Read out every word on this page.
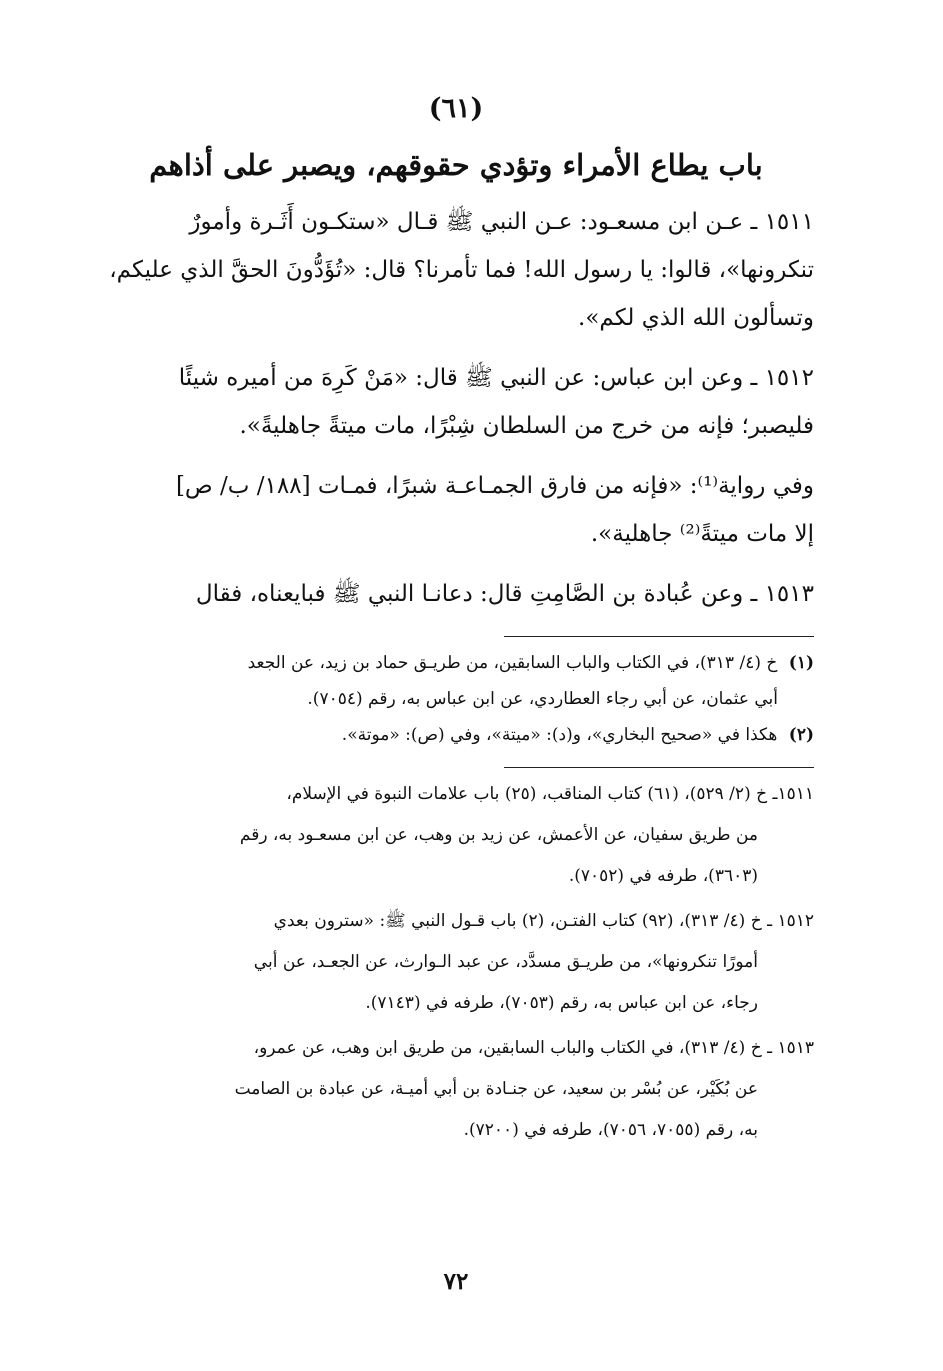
(٦١)
باب يطاع الأمراء وتؤدي حقوقهم، ويصبر على أذاهم

١٥١١ ـ عـن ابن مسعـود: عـن النبي ﷺ قـال «ستكـون أَثَـرة وأمورٌ

تنكرونها»، قالوا: يا رسول الله! فما تأمرنا؟ قال: «تُؤَدُّونَ الحقَّ الذي عليكم،

وتسألون الله الذي لكم».

١٥١٢ ـ وعن ابن عباس: عن النبي ﷺ قال: «مَنْ كَرِهَ من أميره شيئًا

فليصبر؛ فإنه من خرج من السلطان شِبْرًا، مات ميتةً جاهليةً».

وفي رواية⁽¹⁾: «فإنه من فارق الجمـاعـة شبرًا، فمـات [١٨٨/ ب/ ص]

إلا مات ميتةً⁽²⁾ جاهلية».

١٥١٣ ـ وعن عُبادة بن الصَّامِتِ قال: دعانـا النبي ﷺ فبايعناه، فقال

(١) خ (٤/ ٣١٣)، في الكتاب والباب السابقين، من طريـق حماد بن زيد، عن الجعد
أبي عثمان، عن أبي رجاء العطاردي، عن ابن عباس به، رقم (٧٠٥٤).
(٢) هكذا في «صحيح البخاري»، و(د): «ميتة»، وفي (ص): «موتة».
١٥١١ـ خ (٢/ ٥٢٩)، (٦١) كتاب المناقب، (٢٥) باب علامات النبوة في الإسلام،
من طريق سفيان، عن الأعمش، عن زيد بن وهب، عن ابن مسعـود به، رقم
(٣٦٠٣)، طرفه في (٧٠٥٢).
١٥١٢ ـ خ (٤/ ٣١٣)، (٩٢) كتاب الفتـن، (٢) باب قـول النبي ﷺ: «سترون بعدي
أمورًا تنكرونها»، من طريـق مسدَّد، عن عبد الـوارث، عن الجعـد، عن أبي
رجاء، عن ابن عباس به، رقم (٧٠٥٣)، طرفه في (٧١٤٣).
١٥١٣ ـ خ (٤/ ٣١٣)، في الكتاب والباب السابقين، من طريق ابن وهب، عن عمرو،
عن بُكَيْر، عن بُسْر بن سعيد، عن جنـادة بن أبي أميـة، عن عبادة بن الصامت
به، رقم (٧٠٥٥، ٧٠٥٦)، طرفه في (٧٢٠٠).
٧٢
